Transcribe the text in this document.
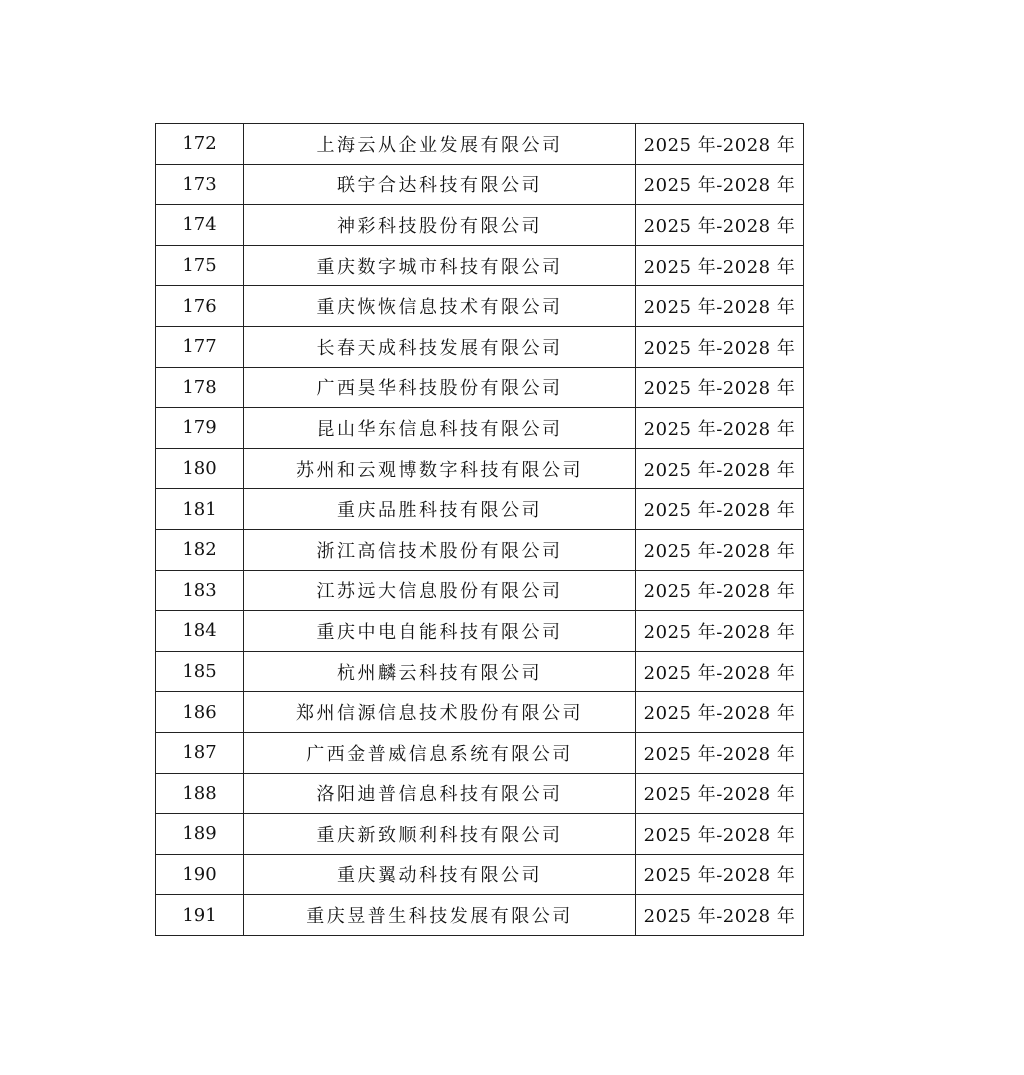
172	上海云从企业发展有限公司	2025 年-2028 年
173	联宇合达科技有限公司	2025 年-2028 年
174	神彩科技股份有限公司	2025 年-2028 年
175	重庆数字城市科技有限公司	2025 年-2028 年
176	重庆恢恢信息技术有限公司	2025 年-2028 年
177	长春天成科技发展有限公司	2025 年-2028 年
178	广西昊华科技股份有限公司	2025 年-2028 年
179	昆山华东信息科技有限公司	2025 年-2028 年
180	苏州和云观博数字科技有限公司	2025 年-2028 年
181	重庆品胜科技有限公司	2025 年-2028 年
182	浙江高信技术股份有限公司	2025 年-2028 年
183	江苏远大信息股份有限公司	2025 年-2028 年
184	重庆中电自能科技有限公司	2025 年-2028 年
185	杭州麟云科技有限公司	2025 年-2028 年
186	郑州信源信息技术股份有限公司	2025 年-2028 年
187	广西金普威信息系统有限公司	2025 年-2028 年
188	洛阳迪普信息科技有限公司	2025 年-2028 年
189	重庆新致顺利科技有限公司	2025 年-2028 年
190	重庆翼动科技有限公司	2025 年-2028 年
191	重庆昱普生科技发展有限公司	2025 年-2028 年
